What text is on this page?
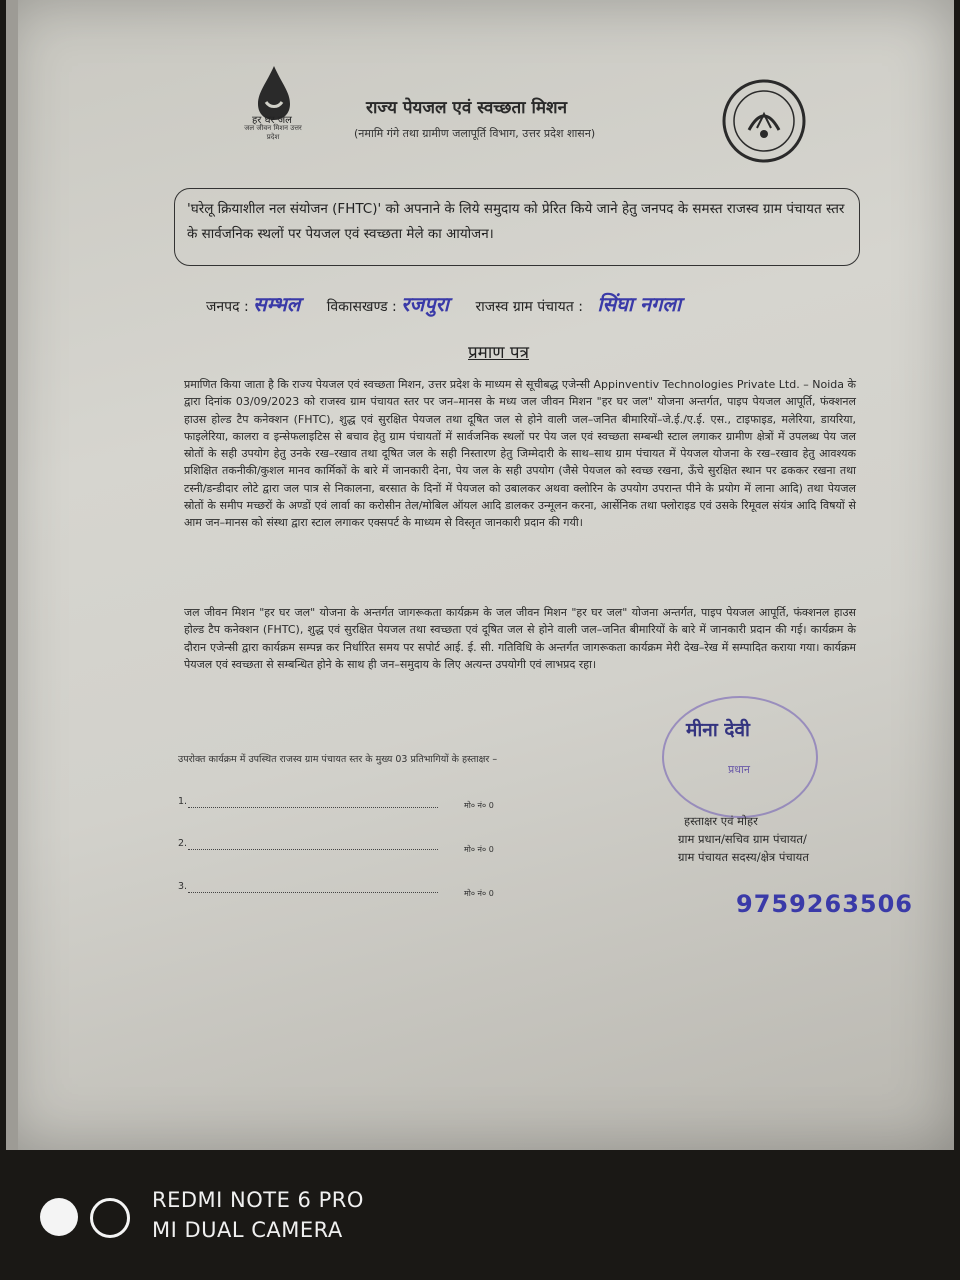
हर घर जल
जल जीवन मिशन उत्तर प्रदेश
राज्य पेयजल एवं स्वच्छता मिशन
(नमामि गंगे तथा ग्रामीण जलापूर्ति विभाग, उत्तर प्रदेश शासन)
'घरेलू क्रियाशील नल संयोजन (FHTC)' को अपनाने के लिये समुदाय को प्रेरित किये जाने हेतु जनपद के समस्त राजस्व ग्राम पंचायत स्तर के सार्वजनिक स्थलों पर पेयजल एवं स्वच्छता मेले का आयोजन।
जनपद : सम्भल विकासखण्ड : रजपुरा राजस्व ग्राम पंचायत : सिंघा नगला
प्रमाण पत्र
प्रमाणित किया जाता है कि राज्य पेयजल एवं स्वच्छता मिशन, उत्तर प्रदेश के माध्यम से सूचीबद्ध एजेन्सी Appinventiv Technologies Private Ltd. – Noida के द्वारा दिनांक 03/09/2023 को राजस्व ग्राम पंचायत स्तर पर जन–मानस के मध्य जल जीवन मिशन "हर घर जल" योजना अन्तर्गत, पाइप पेयजल आपूर्ति, फंक्शनल हाउस होल्ड टैप कनेक्शन (FHTC), शुद्ध एवं सुरक्षित पेयजल तथा दूषित जल से होने वाली जल–जनित बीमारियों–जे.ई./ए.ई. एस., टाइफाइड, मलेरिया, डायरिया, फाइलेरिया, कालरा व इन्सेफलाइटिस से बचाव हेतु ग्राम पंचायतों में सार्वजनिक स्थलों पर पेय जल एवं स्वच्छता सम्बन्धी स्टाल लगाकर ग्रामीण क्षेत्रों में उपलब्ध पेय जल स्रोतों के सही उपयोग हेतु उनके रख–रखाव तथा दूषित जल के सही निस्तारण हेतु जिम्मेदारी के साथ–साथ ग्राम पंचायत में पेयजल योजना के रख–रखाव हेतु आवश्यक प्रशिक्षित तकनीकी/कुशल मानव कार्मिकों के बारे में जानकारी देना, पेय जल के सही उपयोग (जैसे पेयजल को स्वच्छ रखना, ऊँचे सुरक्षित स्थान पर ढककर रखना तथा टस्नी/डन्डीदार लोटे द्वारा जल पात्र से निकालना, बरसात के दिनों में पेयजल को उबालकर अथवा क्लोरिन के उपयोग उपरान्त पीने के प्रयोग में लाना आदि) तथा पेयजल स्रोतों के समीप मच्छरों के अण्डों एवं लार्वा का करोसीन तेल/मोबिल ऑयल आदि डालकर उन्मूलन करना, आर्सेनिक तथा फ्लोराइड एवं उसके रिमूवल संयंत्र आदि विषयों से आम जन–मानस को संस्था द्वारा स्टाल लगाकर एक्सपर्ट के माध्यम से विस्तृत जानकारी प्रदान की गयी।
जल जीवन मिशन "हर घर जल" योजना के अन्तर्गत जागरूकता कार्यक्रम के जल जीवन मिशन "हर घर जल" योजना अन्तर्गत, पाइप पेयजल आपूर्ति, फंक्शनल हाउस होल्ड टैप कनेक्शन (FHTC), शुद्ध एवं सुरक्षित पेयजल तथा स्वच्छता एवं दूषित जल से होने वाली जल–जनित बीमारियों के बारे में जानकारी प्रदान की गई। कार्यक्रम के दौरान एजेन्सी द्वारा कार्यक्रम सम्पन्न कर निर्धारित समय पर सपोर्ट आई. ई. सी. गतिविधि के अन्तर्गत जागरूकता कार्यक्रम मेरी देख–रेख में सम्पादित कराया गया। कार्यक्रम पेयजल एवं स्वच्छता से सम्बन्धित होने के साथ ही जन–समुदाय के लिए अत्यन्त उपयोगी एवं लाभप्रद रहा।
उपरोक्त कार्यक्रम में उपस्थित राजस्व ग्राम पंचायत स्तर के मुख्य 03 प्रतिभागियों के हस्ताक्षर –
1.	मो० नं० 0
2.
मो० नं० 0
3.
मो० नं० 0
मीना देवी
प्रधान
हस्ताक्षर एवं मोहर
ग्राम प्रधान/सचिव ग्राम पंचायत/
ग्राम पंचायत सदस्य/क्षेत्र पंचायत
9759263506
REDMI NOTE 6 PRO
MI DUAL CAMERA
